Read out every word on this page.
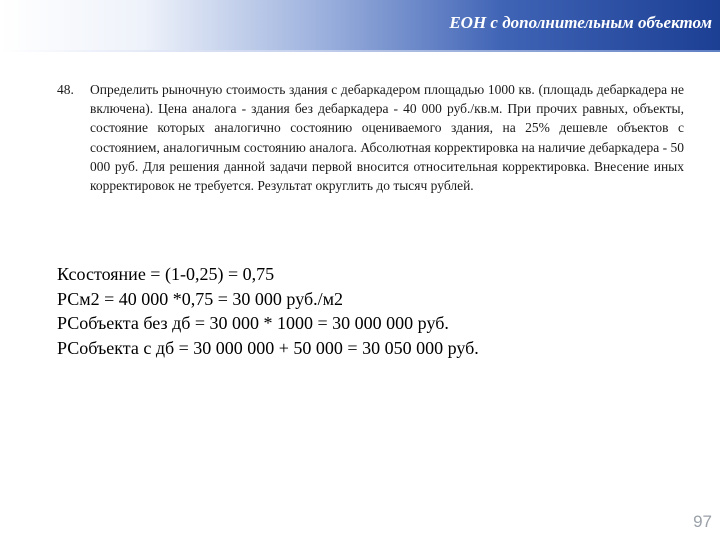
ЕОН с дополнительным объектом
48. Определить рыночную стоимость здания с дебаркадером площадью 1000 кв. (площадь дебаркадера не включена). Цена аналога - здания без дебаркадера - 40 000 руб./кв.м. При прочих равных, объекты, состояние которых аналогично состоянию оцениваемого здания, на 25% дешевле объектов с состоянием, аналогичным состоянию аналога. Абсолютная корректировка на наличие дебаркадера - 50 000 руб. Для решения данной задачи первой вносится относительная корректировка. Внесение иных корректировок не требуется. Результат округлить до тысяч рублей.
Ксостояние = (1-0,25) = 0,75
РСм2 = 40 000 *0,75 = 30 000 руб./м2
РСобъекта без дб = 30 000 * 1000 = 30 000 000 руб.
РСобъекта с дб = 30 000 000 + 50 000 = 30 050 000 руб.
97
